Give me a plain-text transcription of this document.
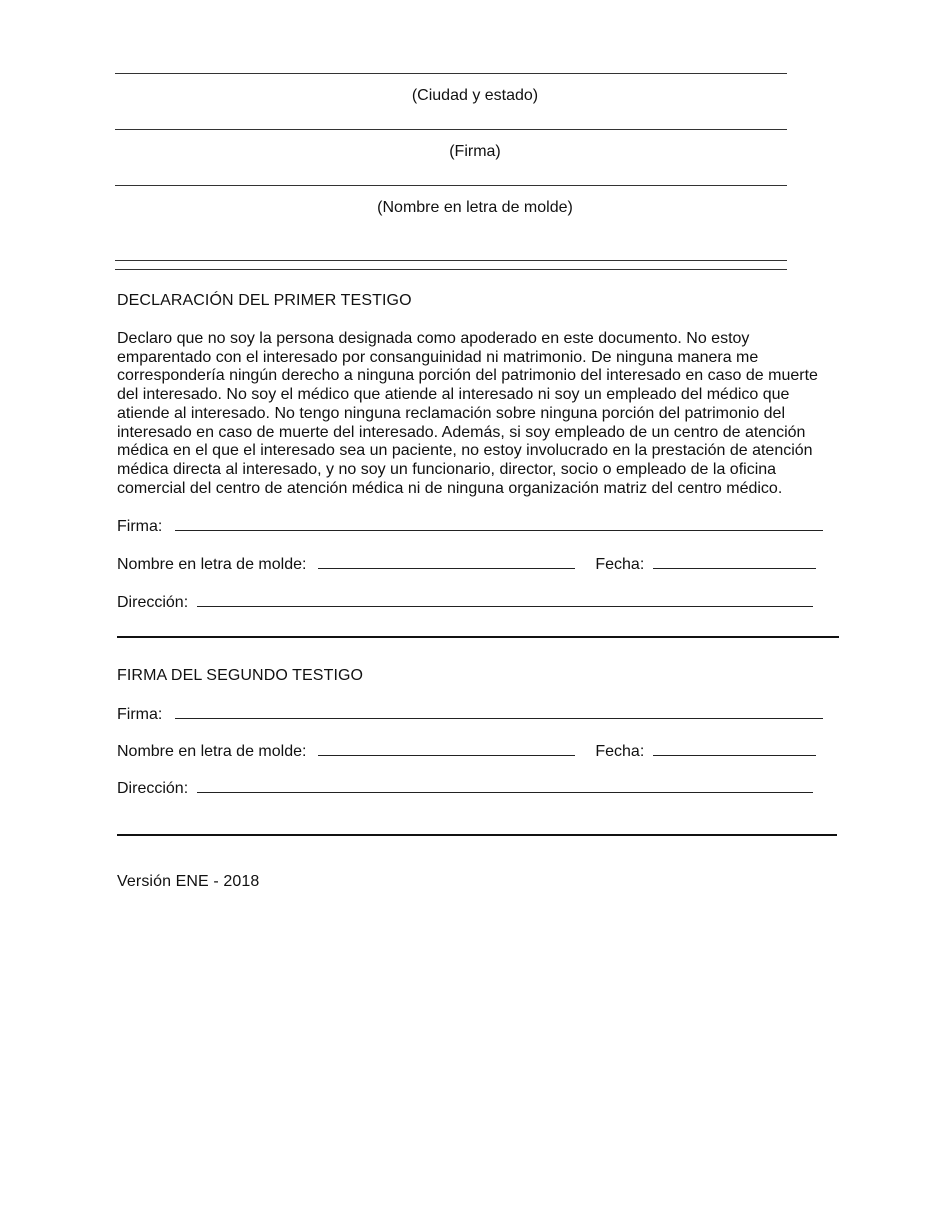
(Ciudad y estado)
(Firma)
(Nombre en letra de molde)
DECLARACIÓN DEL PRIMER TESTIGO

Declaro que no soy la persona designada como apoderado en este documento. No estoy emparentado con el interesado por consanguinidad ni matrimonio. De ninguna manera me correspondería ningún derecho a ninguna porción del patrimonio del interesado en caso de muerte del interesado. No soy el médico que atiende al interesado ni soy un empleado del médico que atiende al interesado. No tengo ninguna reclamación sobre ninguna porción del patrimonio del interesado en caso de muerte del interesado. Además, si soy empleado de un centro de atención médica en el que el interesado sea un paciente, no estoy involucrado en la prestación de atención médica directa al interesado, y no soy un funcionario, director, socio o empleado de la oficina comercial del centro de atención médica ni de ninguna organización matriz del centro médico.

Firma:
Nombre en letra de molde:	Fecha:
Dirección:
FIRMA DEL SEGUNDO TESTIGO
Firma:
Nombre en letra de molde:	Fecha:
Dirección:
Versión ENE - 2018
